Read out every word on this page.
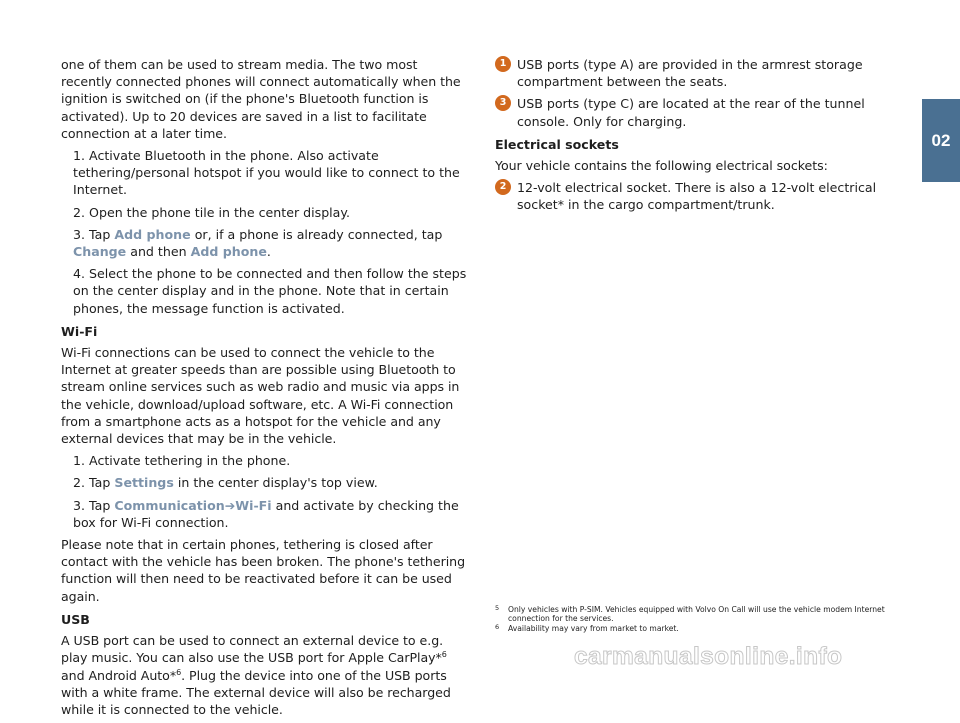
one of them can be used to stream media. The two most recently connected phones will connect automatically when the ignition is switched on (if the phone's Bluetooth function is activated). Up to 20 devices are saved in a list to facilitate connection at a later time.

1. Activate Bluetooth in the phone. Also activate tethering/personal hotspot if you would like to connect to the Internet.
2. Open the phone tile in the center display.
3. Tap Add phone or, if a phone is already connected, tap Change and then Add phone.
4. Select the phone to be connected and then follow the steps on the center display and in the phone. Note that in certain phones, the message function is activated.
Wi-Fi

Wi-Fi connections can be used to connect the vehicle to the Internet at greater speeds than are possible using Bluetooth to stream online services such as web radio and music via apps in the vehicle, download/upload software, etc. A Wi-Fi connection from a smartphone acts as a hotspot for the vehicle and any external devices that may be in the vehicle.

1. Activate tethering in the phone.
2. Tap Settings in the center display's top view.
3. Tap Communication➔Wi-Fi and activate by checking the box for Wi-Fi connection.

Please note that in certain phones, tethering is closed after contact with the vehicle has been broken. The phone's tethering function will then need to be reactivated before it can be used again.

USB

A USB port can be used to connect an external device to e.g. play music. You can also use the USB port for Apple CarPlay*$^6$ and Android Auto*$^6$. Plug the device into one of the USB ports with a white frame. The external device will also be recharged while it is connected to the vehicle.

1 USB ports (type A) are provided in the armrest storage compartment between the seats.
3 USB ports (type C) are located at the rear of the tunnel console. Only for charging.
Electrical sockets

Your vehicle contains the following electrical sockets:

2 12-volt electrical socket. There is also a 12-volt electrical socket* in the cargo compartment/trunk.
02
5 Only vehicles with P-SIM. Vehicles equipped with Volvo On Call will use the vehicle modem Internet connection for the services.
6 Availability may vary from market to market.
carmanualsonline.info
